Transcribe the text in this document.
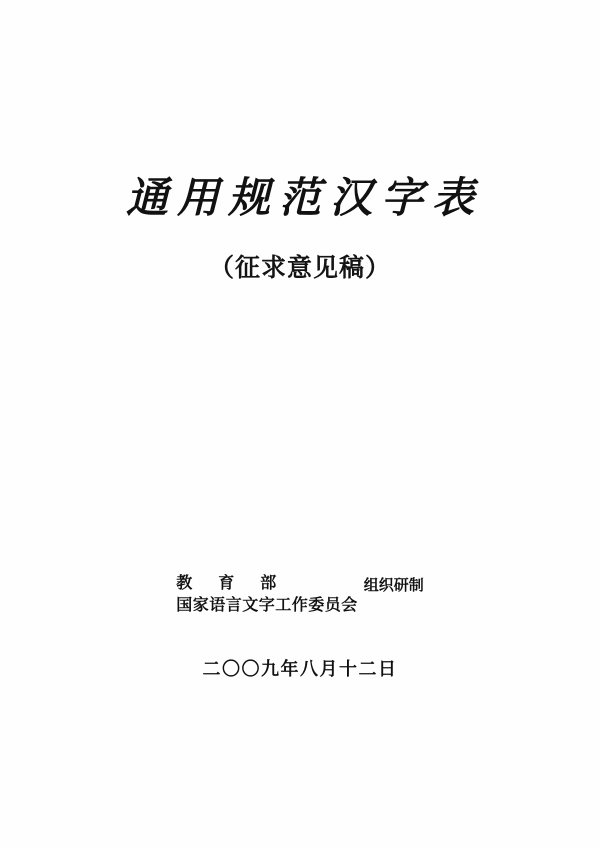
通用规范汉字表
（征求意见稿）
教育部
国家语言文字工作委员会组织研制
二〇〇九年八月十二日
